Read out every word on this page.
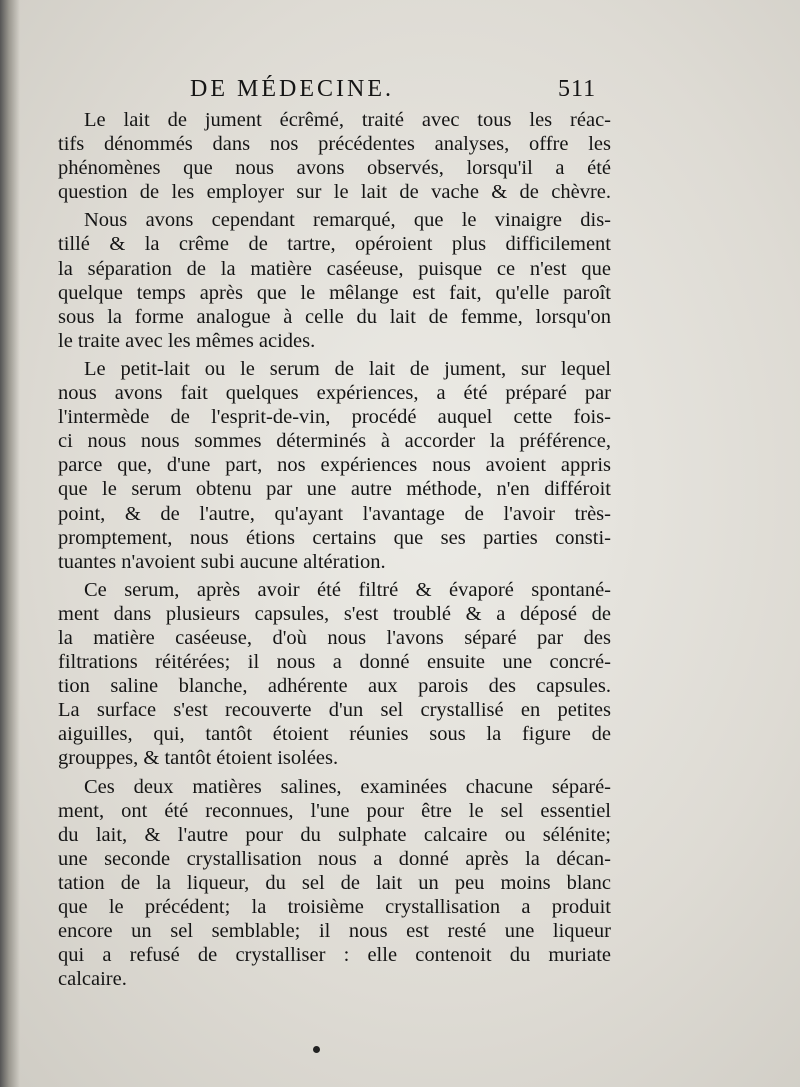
DE MÉDECINE.	511
Le lait de jument écrêmé, traité avec tous les réac-
tifs dénommés dans nos précédentes analyses, offre les
phénomènes que nous avons observés, lorsqu'il a été
question de les employer sur le lait de vache & de chèvre.
Nous avons cependant remarqué, que le vinaigre dis-
tillé & la crême de tartre, opéroient plus difficilement
la séparation de la matière caséeuse, puisque ce n'est que
quelque temps après que le mêlange est fait, qu'elle paroît
sous la forme analogue à celle du lait de femme, lorsqu'on
le traite avec les mêmes acides.
Le petit-lait ou le serum de lait de jument, sur lequel
nous avons fait quelques expériences, a été préparé par
l'intermède de l'esprit-de-vin, procédé auquel cette fois-
ci nous nous sommes déterminés à accorder la préférence,
parce que, d'une part, nos expériences nous avoient appris
que le serum obtenu par une autre méthode, n'en différoit
point, & de l'autre, qu'ayant l'avantage de l'avoir très-
promptement, nous étions certains que ses parties consti-
tuantes n'avoient subi aucune altération.
Ce serum, après avoir été filtré & évaporé spontané-
ment dans plusieurs capsules, s'est troublé & a déposé de
la matière caséeuse, d'où nous l'avons séparé par des
filtrations réitérées; il nous a donné ensuite une concré-
tion saline blanche, adhérente aux parois des capsules.
La surface s'est recouverte d'un sel crystallisé en petites
aiguilles, qui, tantôt étoient réunies sous la figure de
grouppes, & tantôt étoient isolées.
Ces deux matières salines, examinées chacune séparé-
ment, ont été reconnues, l'une pour être le sel essentiel
du lait, & l'autre pour du sulphate calcaire ou sélénite;
une seconde crystallisation nous a donné après la décan-
tation de la liqueur, du sel de lait un peu moins blanc
que le précédent; la troisième crystallisation a produit
encore un sel semblable; il nous est resté une liqueur
qui a refusé de crystalliser : elle contenoit du muriate
calcaire.
